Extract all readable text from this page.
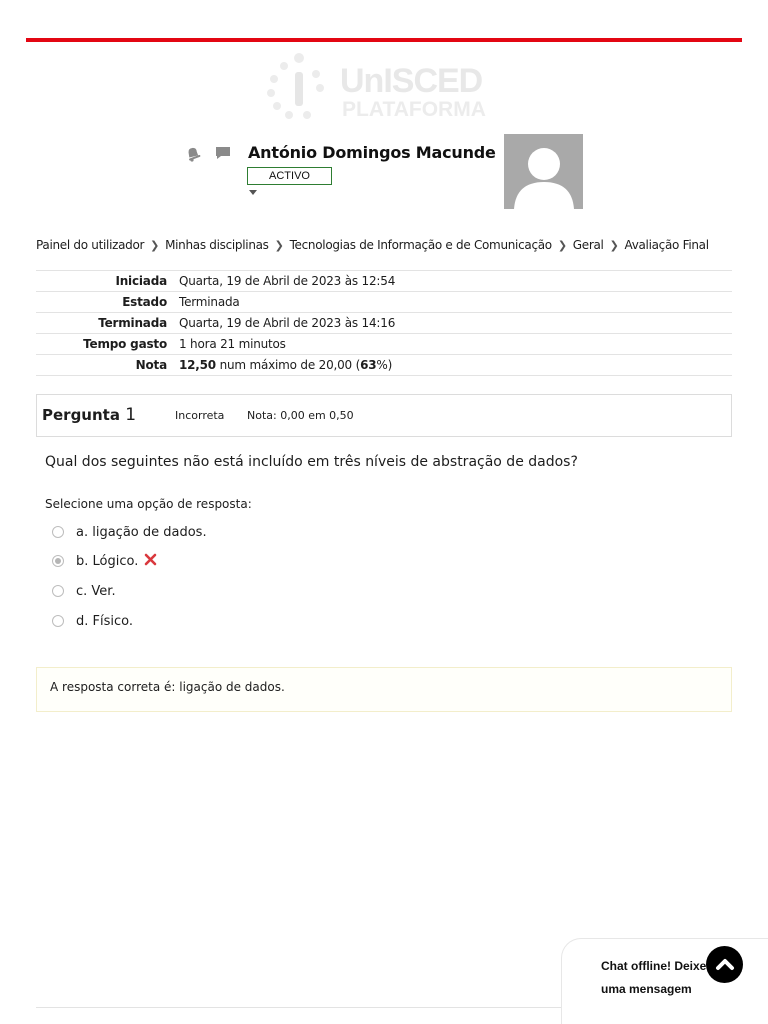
UnISCED
PLATAFORMA
António Domingos Macunde
ACTIVO
Painel do utilizador ❯ Minhas disciplinas ❯ Tecnologias de Informação e de Comunicação ❯ Geral ❯ Avaliação Final
Iniciada	Quarta, 19 de Abril de 2023 às 12:54
Estado	Terminada
Terminada	Quarta, 19 de Abril de 2023 às 14:16
Tempo gasto	1 hora 21 minutos
Nota	12,50 num máximo de 20,00 (63%)
Pergunta 1	Incorreta Nota: 0,00 em 0,50
Qual dos seguintes não está incluído em três níveis de abstração de dados?
Selecione uma opção de resposta:
a. ligação de dados.
b. Lógico.
c. Ver.
d. Físico.
A resposta correta é: ligação de dados.
Chat offline! Deixe uma mensagem
